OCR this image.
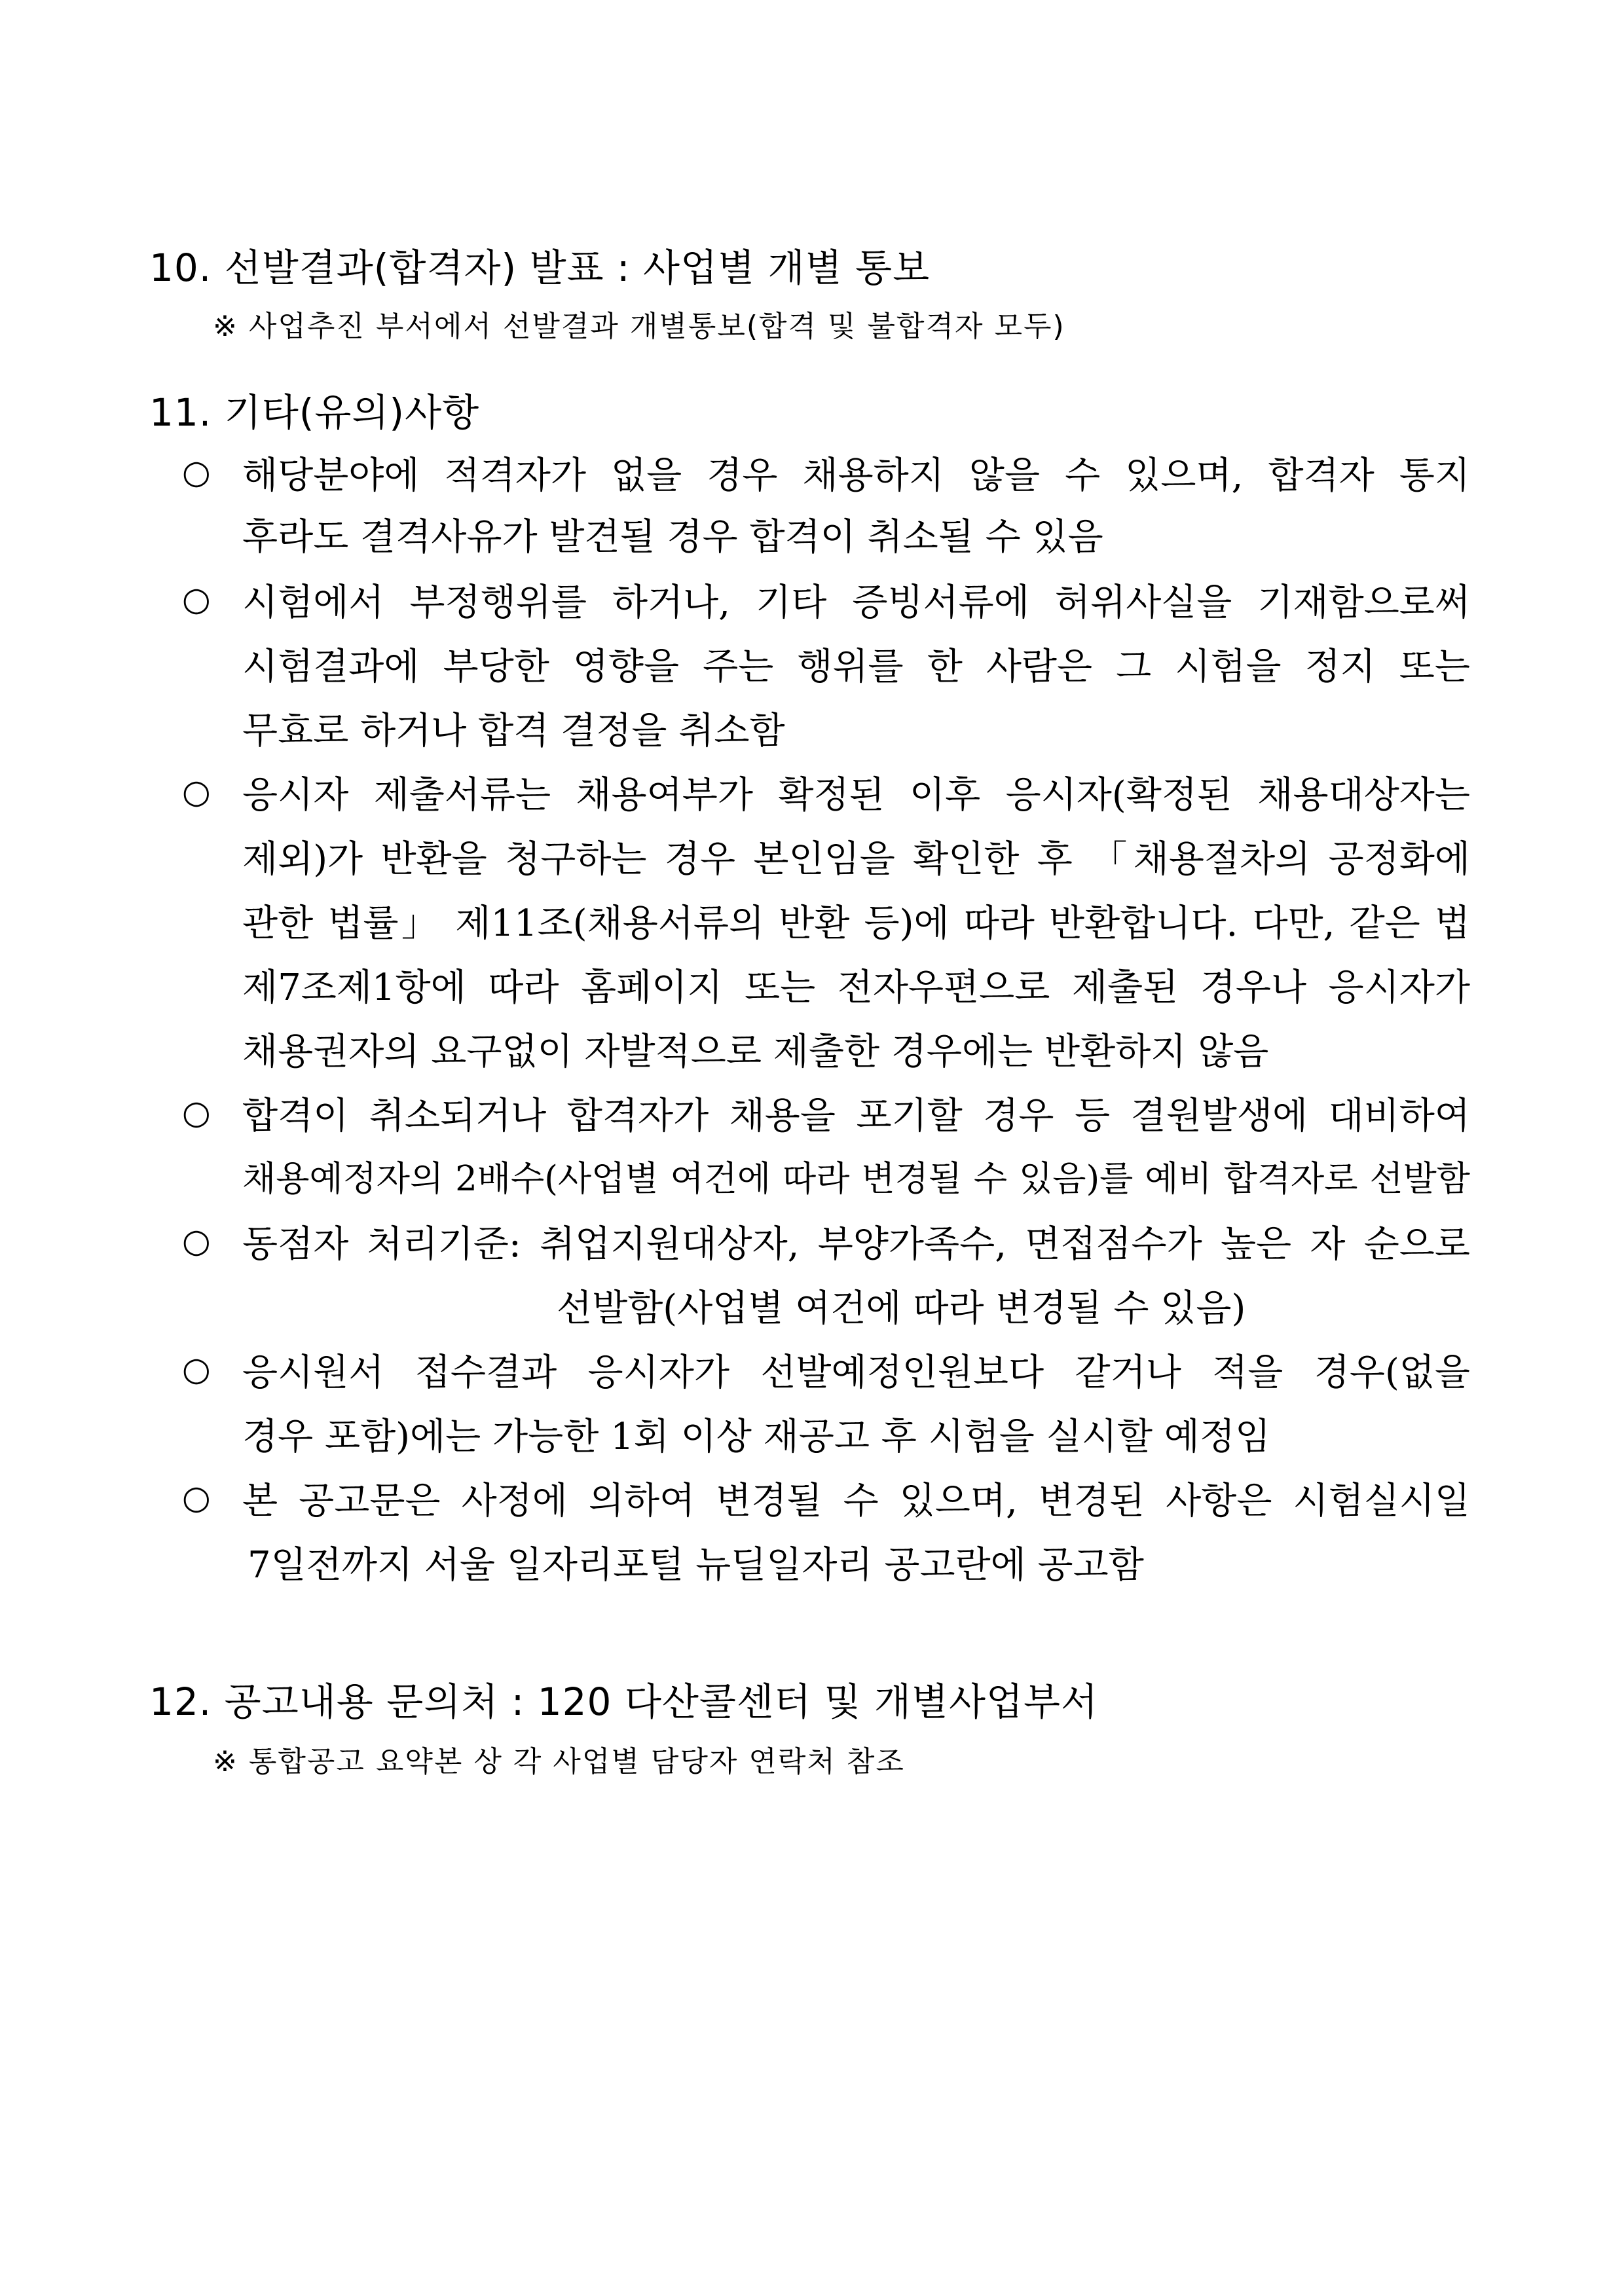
10. 선발결과(합격자) 발표 : 사업별 개별 통보
※ 사업추진 부서에서 선발결과 개별통보(합격 및 불합격자 모두)
11. 기타(유의)사항
○ 해당분야에 적격자가 없을 경우 채용하지 않을 수 있으며, 합격자 통지
후라도 결격사유가 발견될 경우 합격이 취소될 수 있음
○ 시험에서 부정행위를 하거나, 기타 증빙서류에 허위사실을 기재함으로써
시험결과에 부당한 영향을 주는 행위를 한 사람은 그 시험을 정지 또는
무효로 하거나 합격 결정을 취소함
○ 응시자 제출서류는 채용여부가 확정된 이후 응시자(확정된 채용대상자는
제외)가 반환을 청구하는 경우 본인임을 확인한 후 「채용절차의 공정화에
관한 법률」 제11조(채용서류의 반환 등)에 따라 반환합니다. 다만, 같은 법
제7조제1항에 따라 홈페이지 또는 전자우편으로 제출된 경우나 응시자가
채용권자의 요구없이 자발적으로 제출한 경우에는 반환하지 않음
○ 합격이 취소되거나 합격자가 채용을 포기할 경우 등 결원발생에 대비하여
채용예정자의 2배수(사업별 여건에 따라 변경될 수 있음)를 예비 합격자로 선발함
○ 동점자 처리기준: 취업지원대상자, 부양가족수, 면접점수가 높은 자 순으로
선발함(사업별 여건에 따라 변경될 수 있음)
○ 응시원서 접수결과 응시자가 선발예정인원보다 같거나 적을 경우(없을
경우 포함)에는 가능한 1회 이상 재공고 후 시험을 실시할 예정임
○ 본 공고문은 사정에 의하여 변경될 수 있으며, 변경된 사항은 시험실시일
7일전까지 서울 일자리포털 뉴딜일자리 공고란에 공고함
12. 공고내용 문의처 : 120 다산콜센터 및 개별사업부서
※ 통합공고 요약본 상 각 사업별 담당자 연락처 참조
